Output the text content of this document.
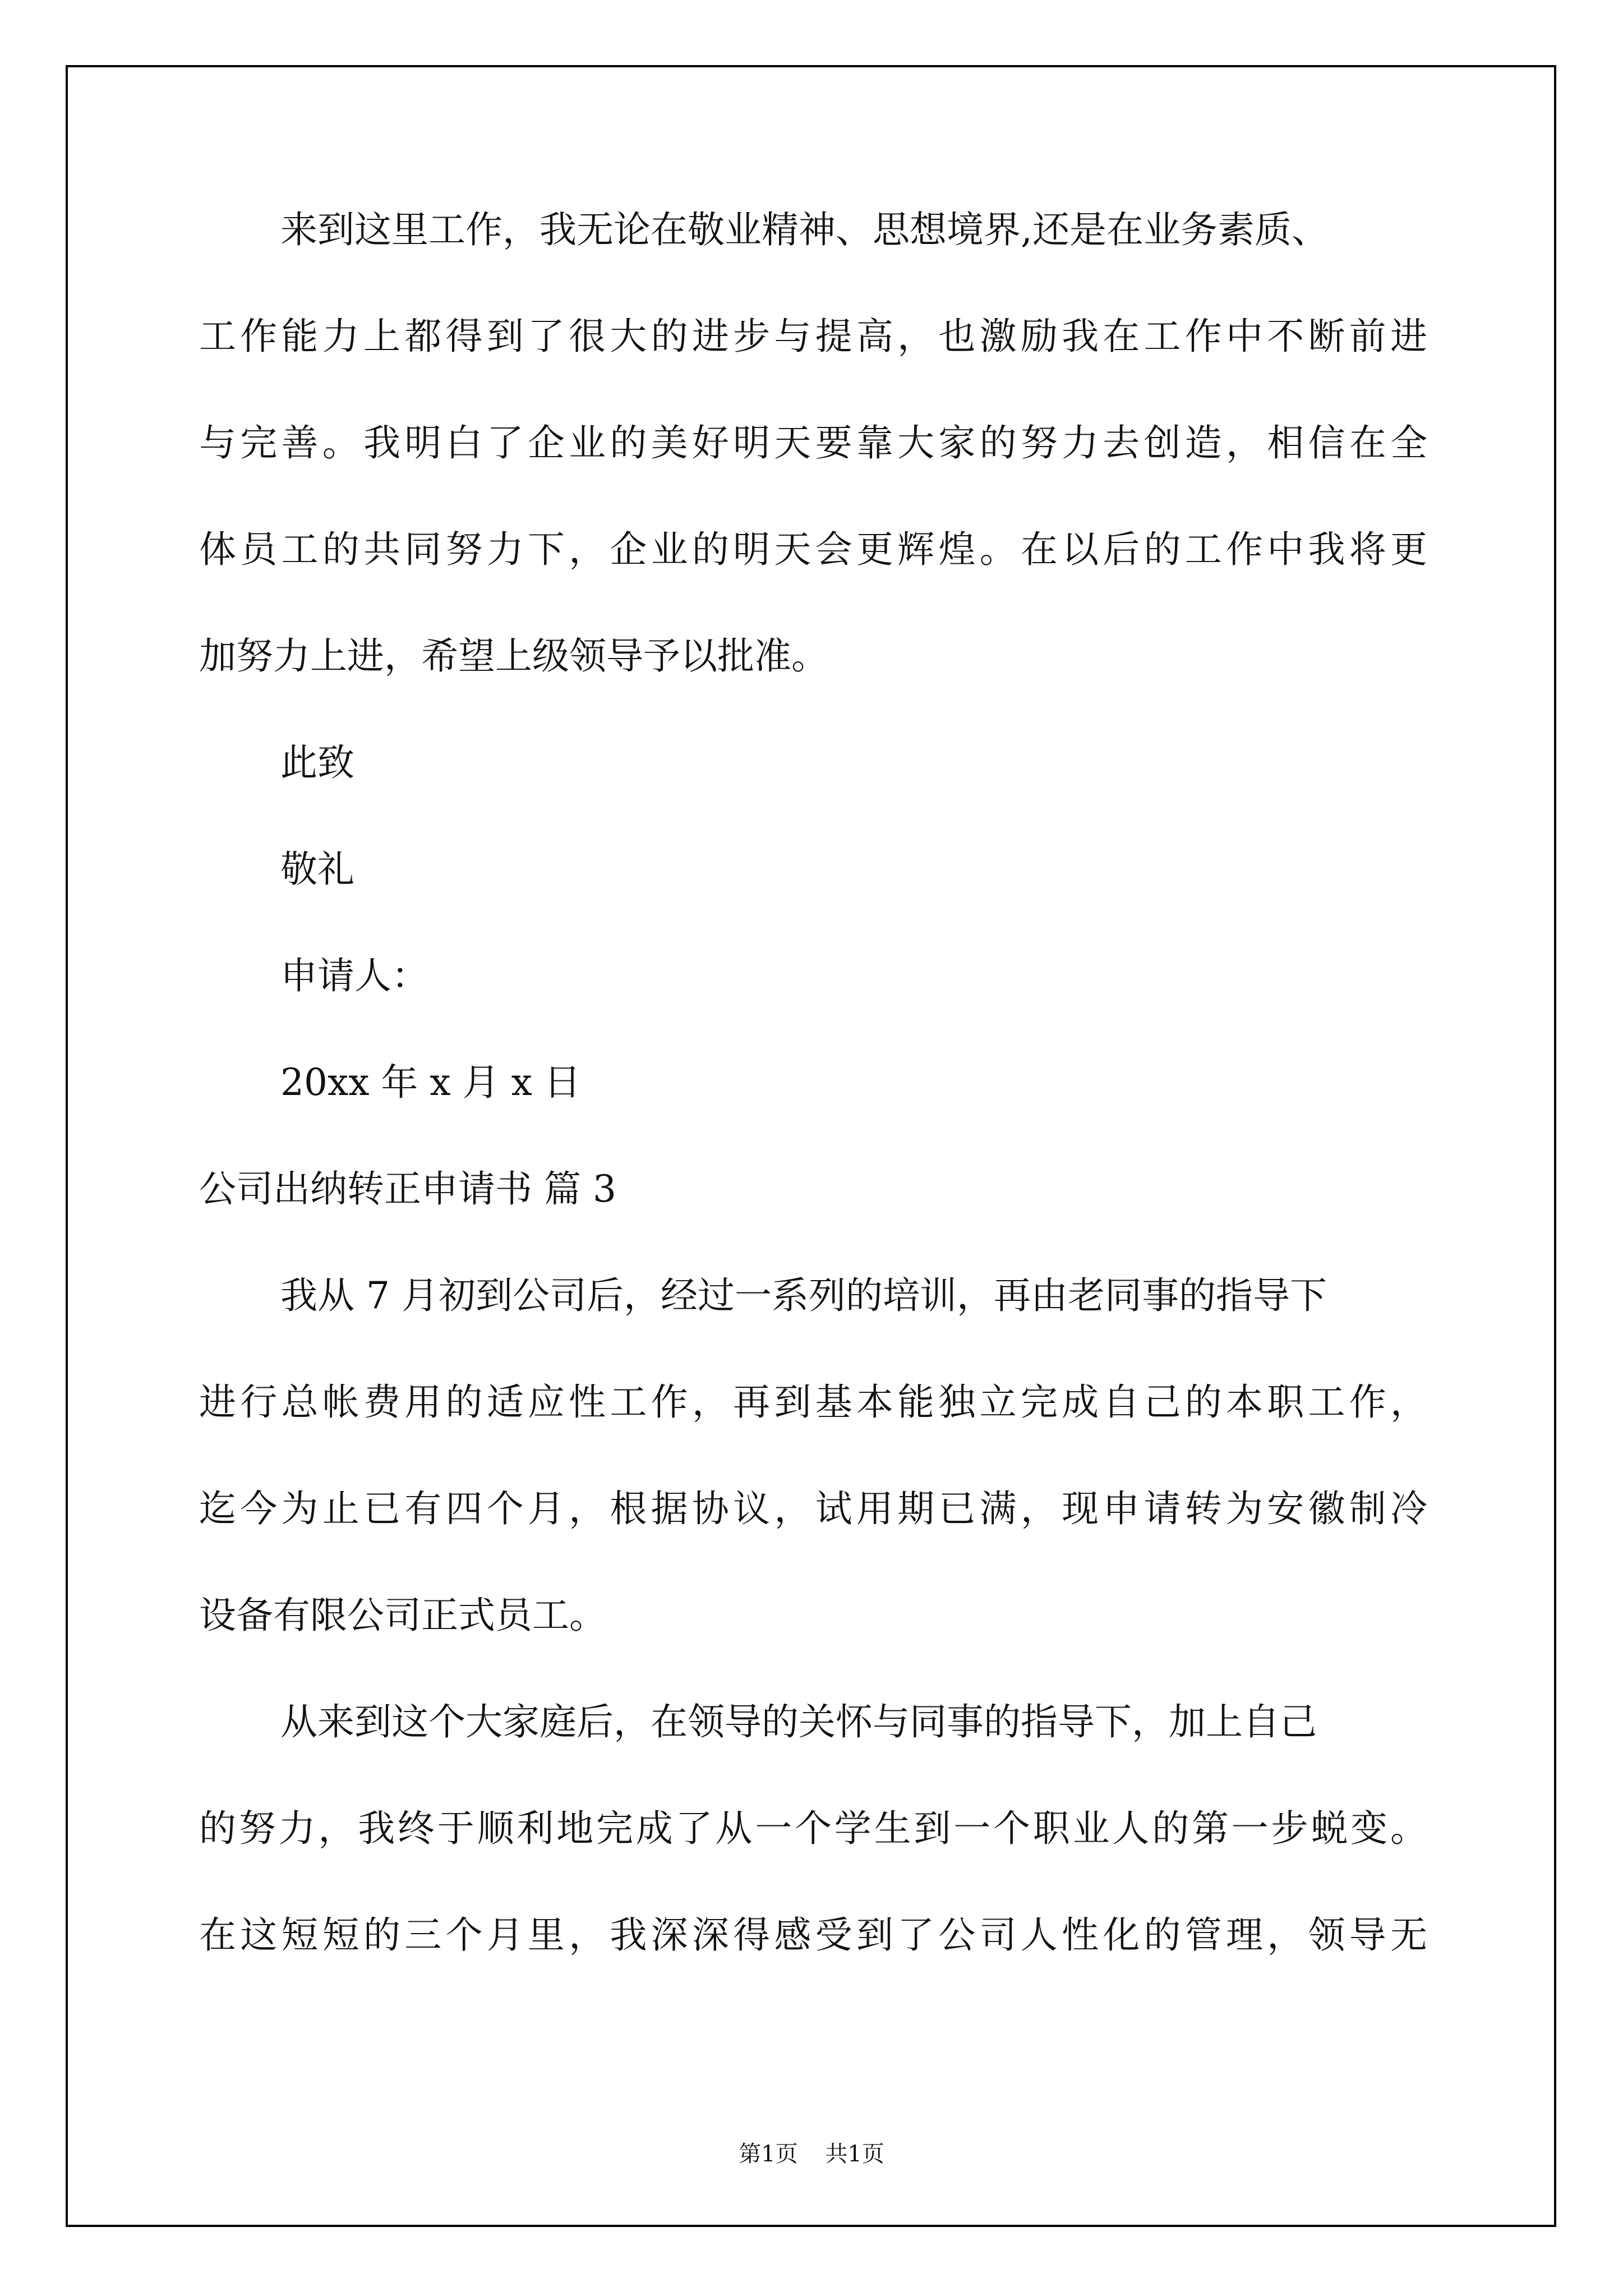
来到这里工作，我无论在敬业精神、思想境界,还是在业务素质、

工作能力上都得到了很大的进步与提高，也激励我在工作中不断前进

与完善。我明白了企业的美好明天要靠大家的努力去创造，相信在全

体员工的共同努力下，企业的明天会更辉煌。在以后的工作中我将更

加努力上进，希望上级领导予以批准。

此致

敬礼

申请人：

20xx 年 x 月 x 日

公司出纳转正申请书 篇 3

我从 7 月初到公司后，经过一系列的培训，再由老同事的指导下

进行总帐费用的适应性工作，再到基本能独立完成自己的本职工作，

迄今为止已有四个月，根据协议，试用期已满，现申请转为安徽制冷

设备有限公司正式员工。

从来到这个大家庭后，在领导的关怀与同事的指导下，加上自己

的努力，我终于顺利地完成了从一个学生到一个职业人的第一步蜕变。

在这短短的三个月里，我深深得感受到了公司人性化的管理，领导无

第1页 共1页
